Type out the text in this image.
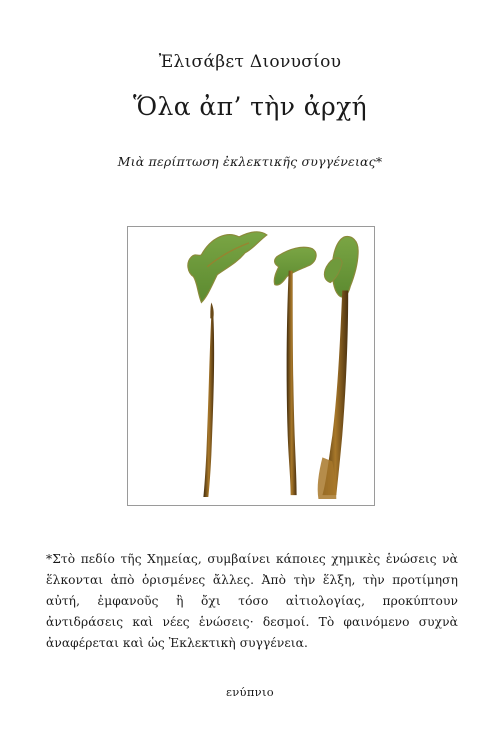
Ἐλισάβετ Διονυσίου
Ὅλα ἀπ’ τὴν ἀρχή
Μιὰ περίπτωση ἐκλεκτικῆς συγγένειας*
*Στὸ πεδίο τῆς Χημείας, συμβαίνει κάποιες χημικὲς ἑνώσεις νὰ ἕλκονται ἀπὸ ὁρισμένες ἄλλες. Ἀπὸ τὴν ἕλξη, τὴν προτίμηση αὐτή, ἐμφανοῦς ἢ ὄχι τόσο αἰτιολογίας, προκύπτουν ἀντιδράσεις καὶ νέες ἑνώσεις· δεσμοί. Τὸ φαινόμενο συχνὰ ἀναφέρεται καὶ ὡς Ἐκλεκτικὴ συγγένεια.
ενύπνιο
